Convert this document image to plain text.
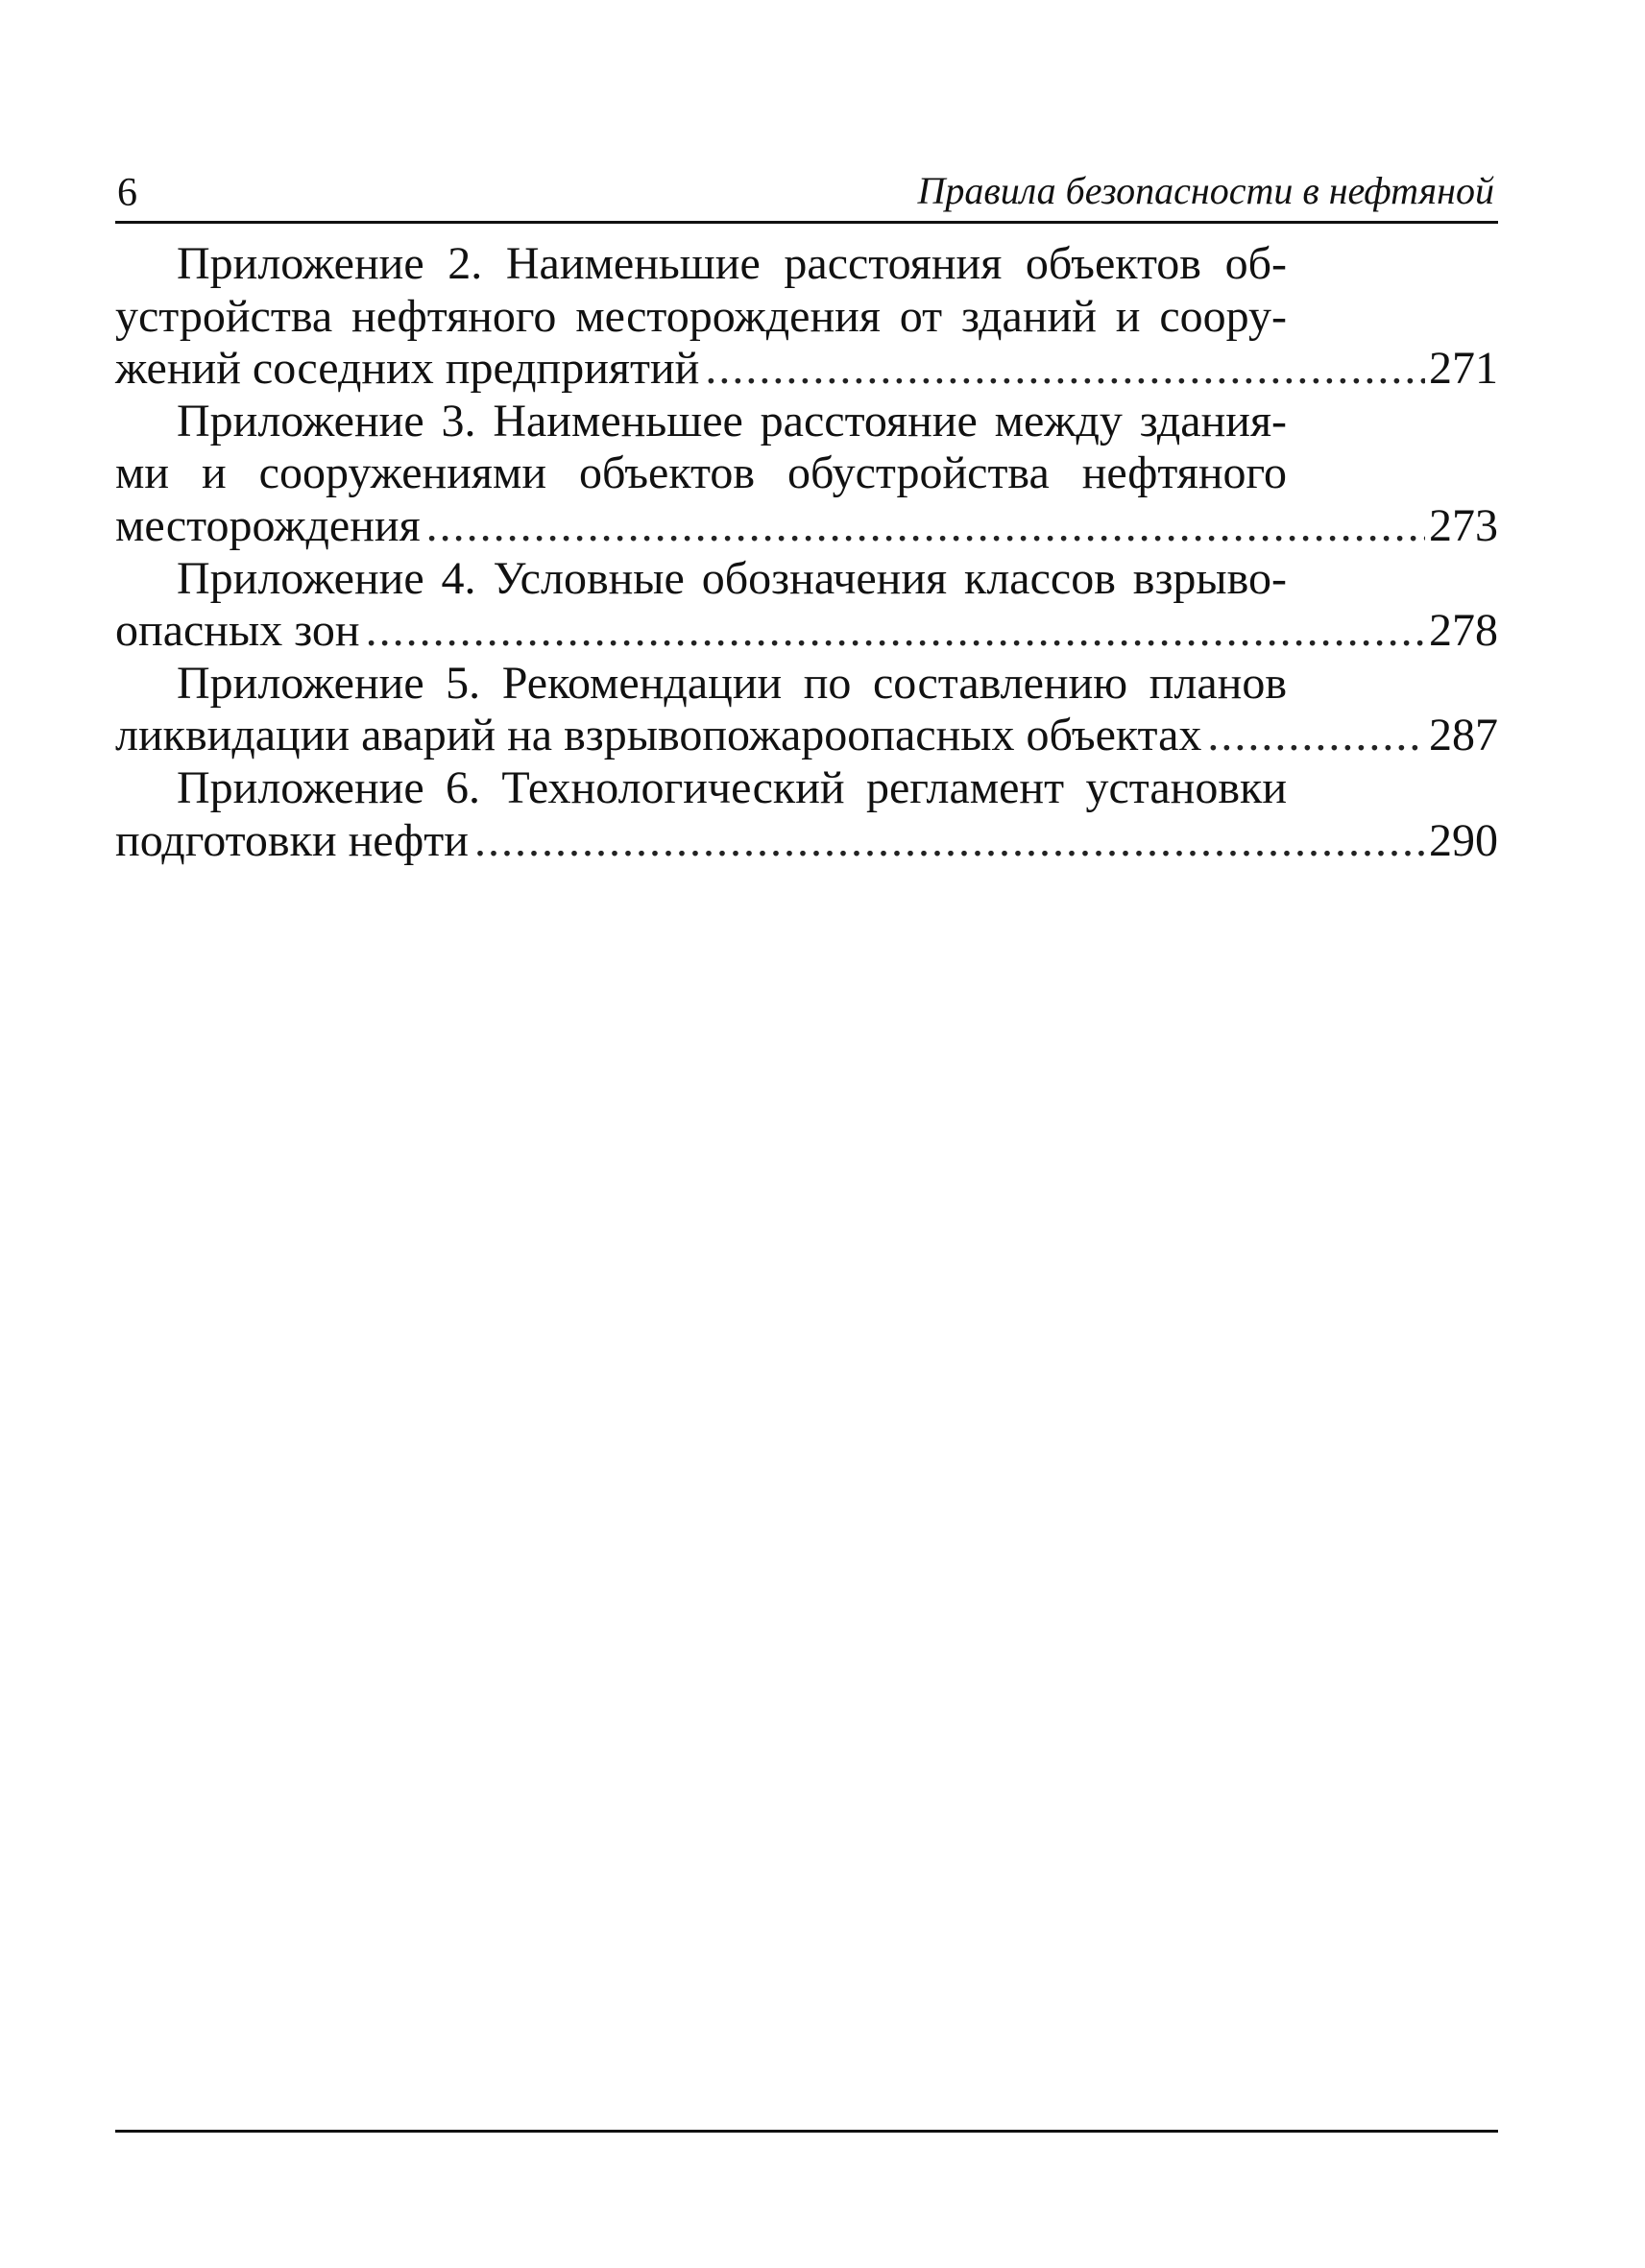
6	Правила безопасности в нефтяной
Приложение 2. Наименьшие расстояния объектов об-
устройства нефтяного месторождения от зданий и соору-
жений соседних предприятий .....	271
Приложение 3. Наименьшее расстояние между здания-
ми и сооружениями объектов обустройства нефтяного
месторождения .....	273
Приложение 4. Условные обозначения классов взрыво-
опасных зон .....	278
Приложение 5. Рекомендации по составлению планов
ликвидации аварий на взрывопожароопасных объектах .....	287
Приложение 6. Технологический регламент установки
подготовки нефти .....	290
